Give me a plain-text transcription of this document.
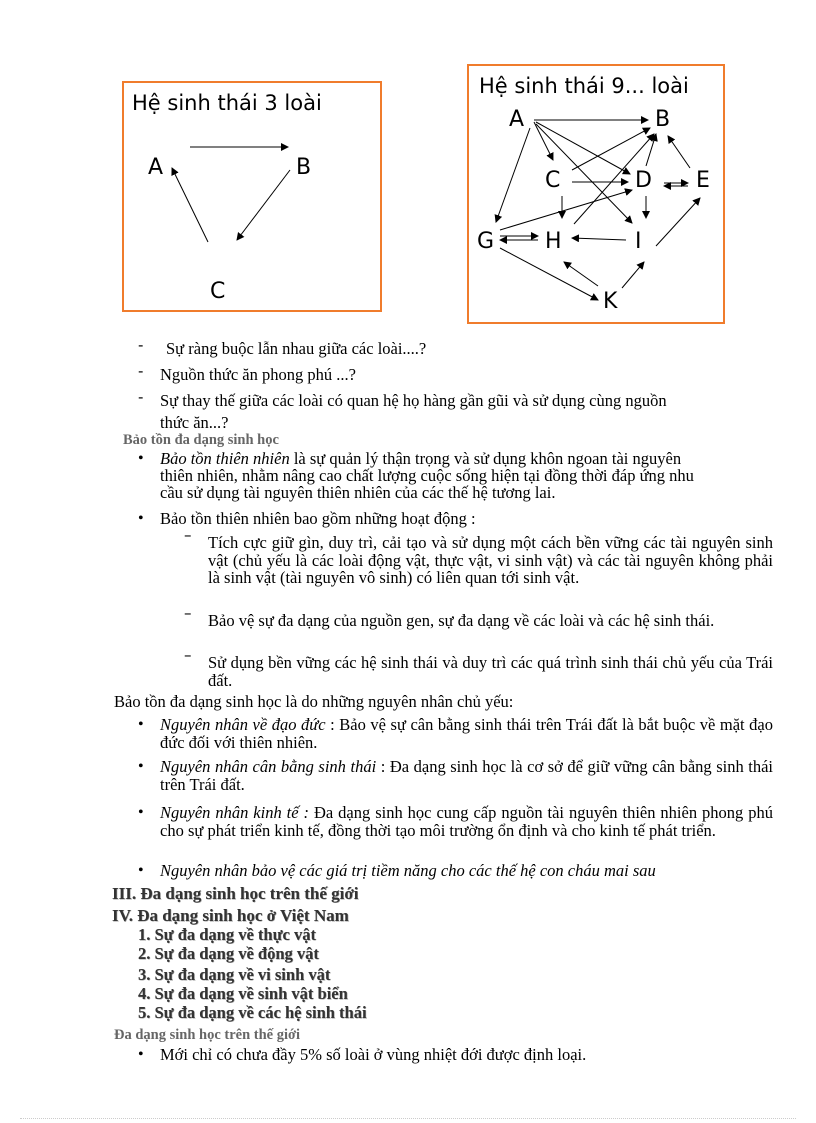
Hệ sinh thái 3 loài
A	B
C
Hệ sinh thái 9... loài
A	B
C	D E
G H	I
K
- Sự ràng buộc lẫn nhau giữa các loài....?
- Nguồn thức ăn phong phú ...?
- Sự thay thế giữa các loài có quan hệ họ hàng gần gũi và sử dụng cùng nguồn
thức ăn...?
Bảo tồn đa dạng sinh học
• Bảo tồn thiên nhiên là sự quản lý thận trọng và sử dụng khôn ngoan tài nguyên
thiên nhiên, nhằm nâng cao chất lượng cuộc sống hiện tại đồng thời đáp ứng nhu
cầu sử dụng tài nguyên thiên nhiên của các thế hệ tương lai.
• Bảo tồn thiên nhiên bao gồm những hoạt động :
– Tích cực giữ gìn, duy trì, cải tạo và sử dụng một cách bền vững các tài nguyên sinh vật (chủ yếu là các loài động vật, thực vật, vi sinh vật) và các tài nguyên không phải là sinh vật (tài nguyên vô sinh) có liên quan tới sinh vật.
– Bảo vệ sự đa dạng của nguồn gen, sự đa dạng về các loài và các hệ sinh thái.
– Sử dụng bền vững các hệ sinh thái và duy trì các quá trình sinh thái chủ yếu của Trái đất.
Bảo tồn đa dạng sinh học là do những nguyên nhân chủ yếu:
• Nguyên nhân về đạo đức : Bảo vệ sự cân bằng sinh thái trên Trái đất là bắt buộc về mặt đạo đức đối với thiên nhiên.
• Nguyên nhân cân bằng sinh thái : Đa dạng sinh học là cơ sở để giữ vững cân bằng sinh thái trên Trái đất.
• Nguyên nhân kinh tế : Đa dạng sinh học cung cấp nguồn tài nguyên thiên nhiên phong phú cho sự phát triển kinh tế, đồng thời tạo môi trường ổn định và cho kinh tế phát triển.
• Nguyên nhân bảo vệ các giá trị tiềm năng cho các thế hệ con cháu mai sau
III. Đa dạng sinh học trên thế giới
IV. Đa dạng sinh học ở Việt Nam
1. Sự đa dạng về thực vật
2. Sự đa dạng về động vật
3. Sự đa dạng về vi sinh vật
4. Sự đa dạng về sinh vật biển
5. Sự đa dạng về các hệ sinh thái
Đa dạng sinh học trên thế giới
• Mới chỉ có chưa đầy 5% số loài ở vùng nhiệt đới được định loại.
